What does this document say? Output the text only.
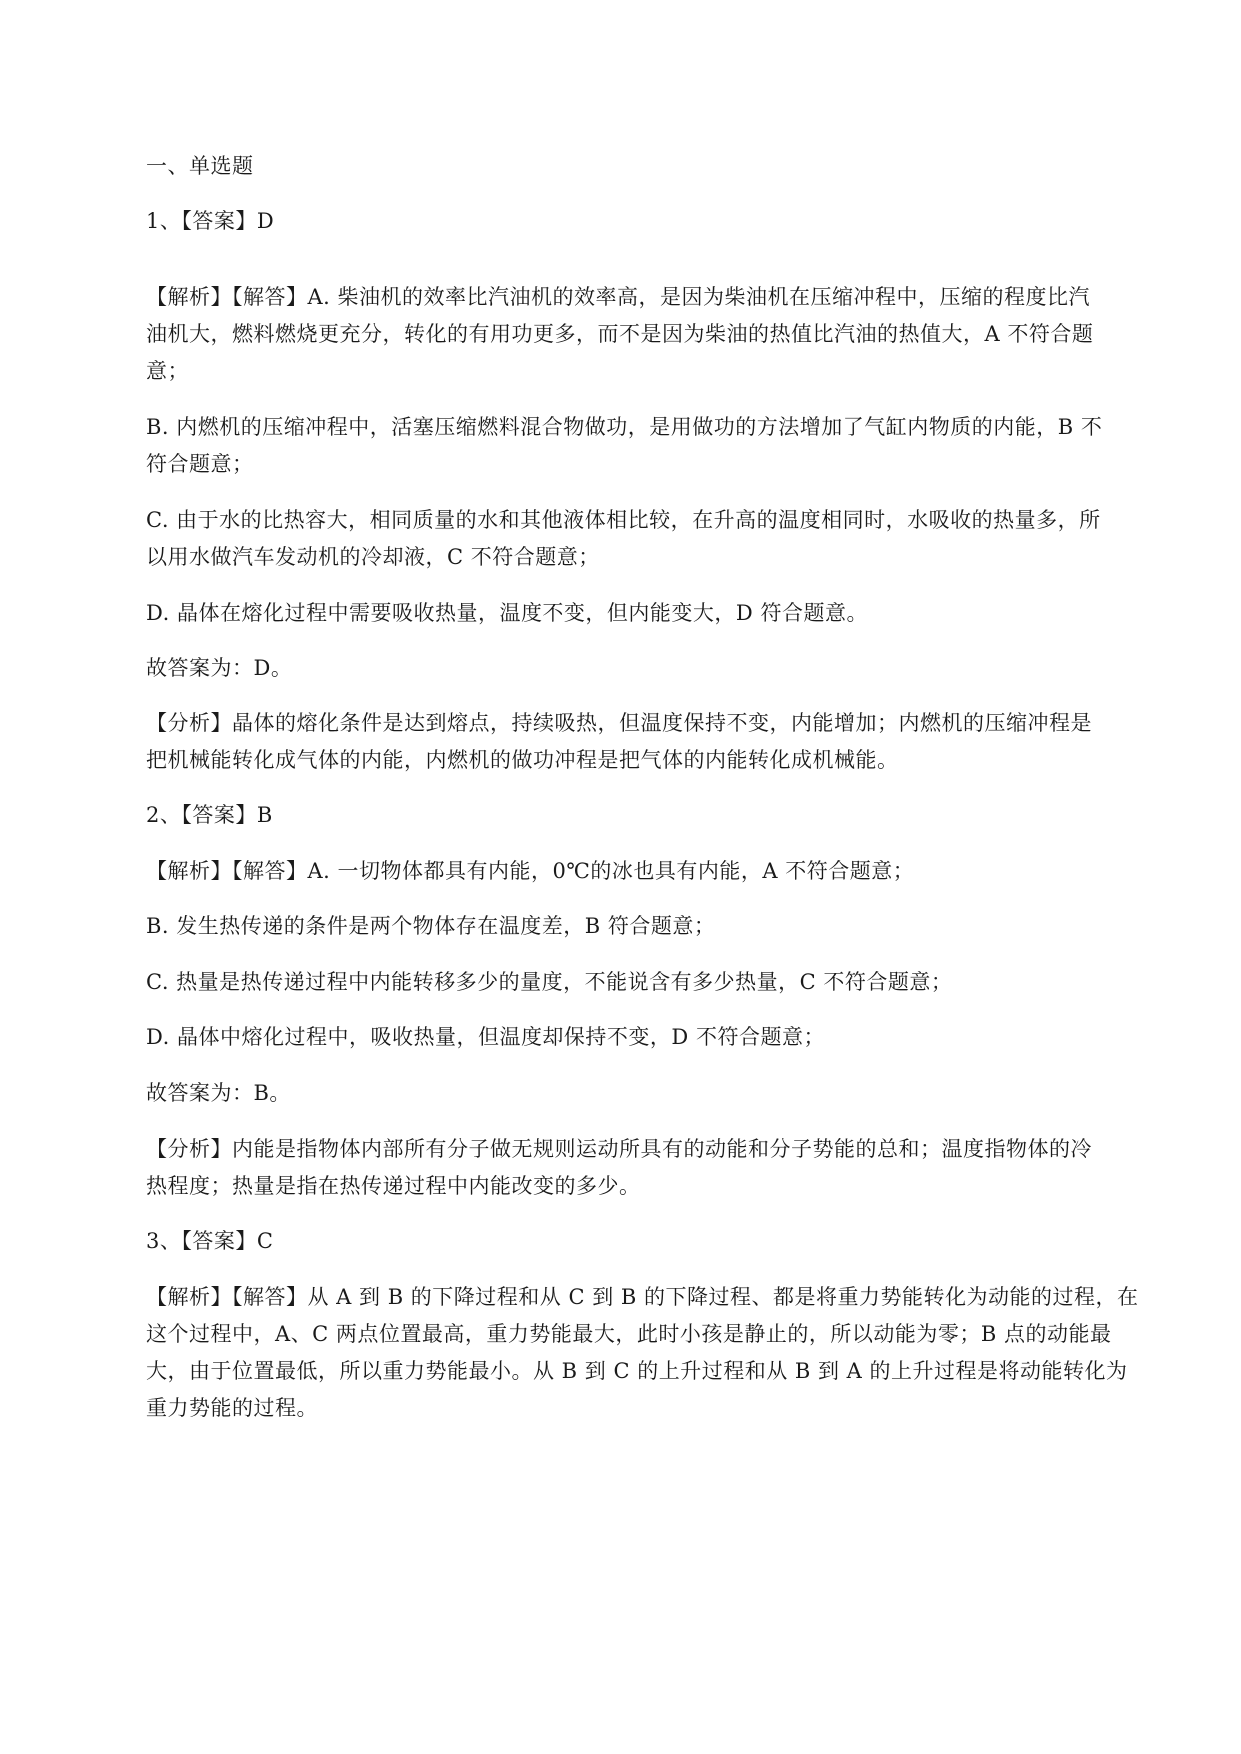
一、单选题
1、【答案】D
【解析】【解答】A. 柴油机的效率比汽油机的效率高，是因为柴油机在压缩冲程中，压缩的程度比汽
油机大，燃料燃烧更充分，转化的有用功更多，而不是因为柴油的热值比汽油的热值大，A 不符合题
意；
B. 内燃机的压缩冲程中，活塞压缩燃料混合物做功，是用做功的方法增加了气缸内物质的内能，B 不
符合题意；
C. 由于水的比热容大，相同质量的水和其他液体相比较，在升高的温度相同时，水吸收的热量多，所
以用水做汽车发动机的冷却液，C 不符合题意；
D. 晶体在熔化过程中需要吸收热量，温度不变，但内能变大，D 符合题意。
故答案为：D。
【分析】晶体的熔化条件是达到熔点，持续吸热，但温度保持不变，内能增加；内燃机的压缩冲程是
把机械能转化成气体的内能，内燃机的做功冲程是把气体的内能转化成机械能。
2、【答案】B
【解析】【解答】A. 一切物体都具有内能，0℃的冰也具有内能，A 不符合题意；
B. 发生热传递的条件是两个物体存在温度差，B 符合题意；
C. 热量是热传递过程中内能转移多少的量度，不能说含有多少热量，C 不符合题意；
D. 晶体中熔化过程中，吸收热量，但温度却保持不变，D 不符合题意；
故答案为：B。
【分析】内能是指物体内部所有分子做无规则运动所具有的动能和分子势能的总和；温度指物体的冷
热程度；热量是指在热传递过程中内能改变的多少。
3、【答案】C
【解析】【解答】从 A 到 B 的下降过程和从 C 到 B 的下降过程、都是将重力势能转化为动能的过程，在
这个过程中，A、C 两点位置最高，重力势能最大，此时小孩是静止的，所以动能为零；B 点的动能最
大，由于位置最低，所以重力势能最小。从 B 到 C 的上升过程和从 B 到 A 的上升过程是将动能转化为
重力势能的过程。
